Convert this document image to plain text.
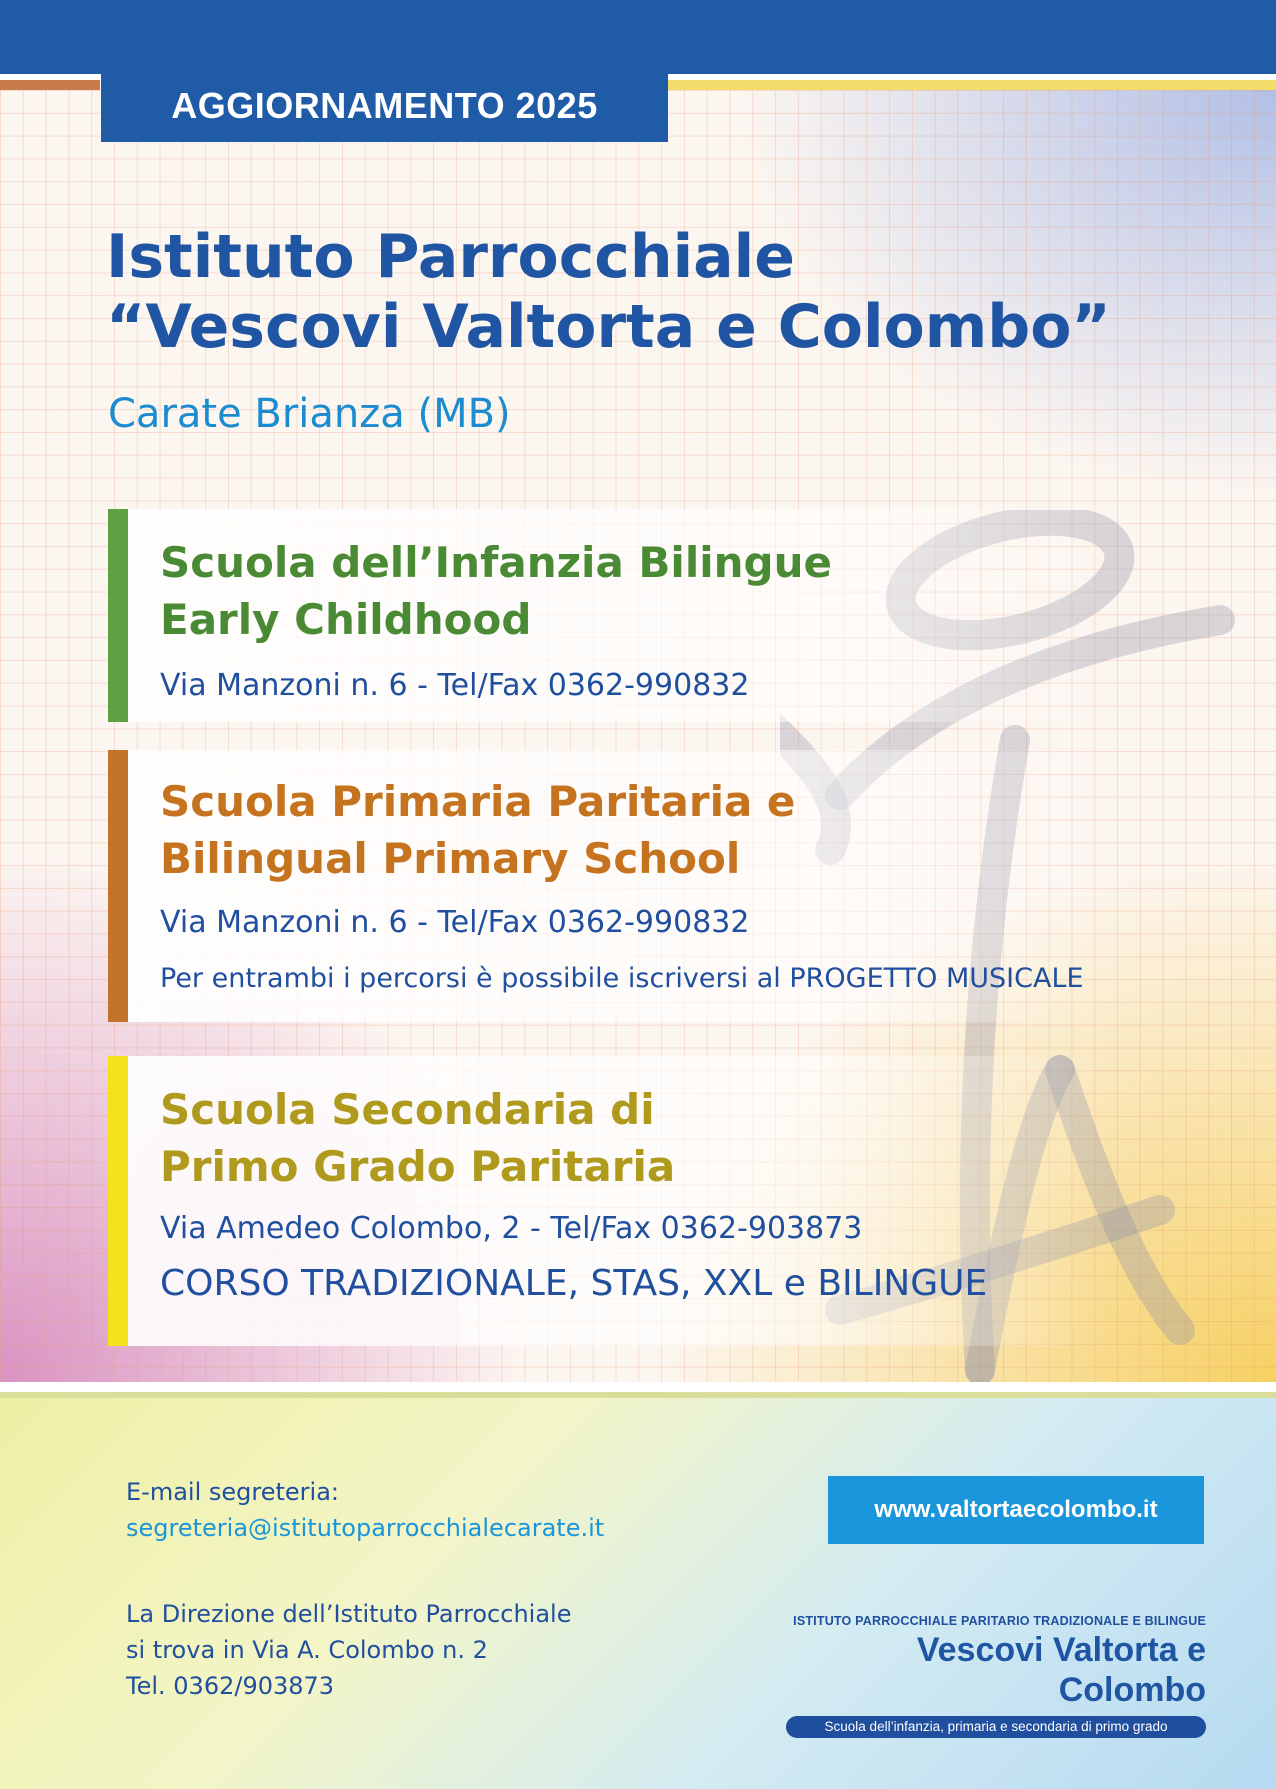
AGGIORNAMENTO 2025
Istituto Parrocchiale
“Vescovi Valtorta e Colombo”
Carate Brianza (MB)
Scuola dell’Infanzia Bilingue
Early Childhood
Via Manzoni n. 6 - Tel/Fax 0362-990832
Scuola Primaria Paritaria e
Bilingual Primary School
Via Manzoni n. 6 - Tel/Fax 0362-990832
Per entrambi i percorsi è possibile iscriversi al PROGETTO MUSICALE
Scuola Secondaria di
Primo Grado Paritaria
Via Amedeo Colombo, 2 - Tel/Fax 0362-903873
CORSO TRADIZIONALE, STAS, XXL e BILINGUE
E-mail segreteria:
segreteria@istitutoparrocchialecarate.it
La Direzione dell’Istituto Parrocchiale
si trova in Via A. Colombo n. 2
Tel. 0362/903873
www.valtortaecolombo.it
ISTITUTO PARROCCHIALE PARITARIO TRADIZIONALE E BILINGUE
Vescovi Valtorta e Colombo
Scuola dell’infanzia, primaria e secondaria di primo grado
